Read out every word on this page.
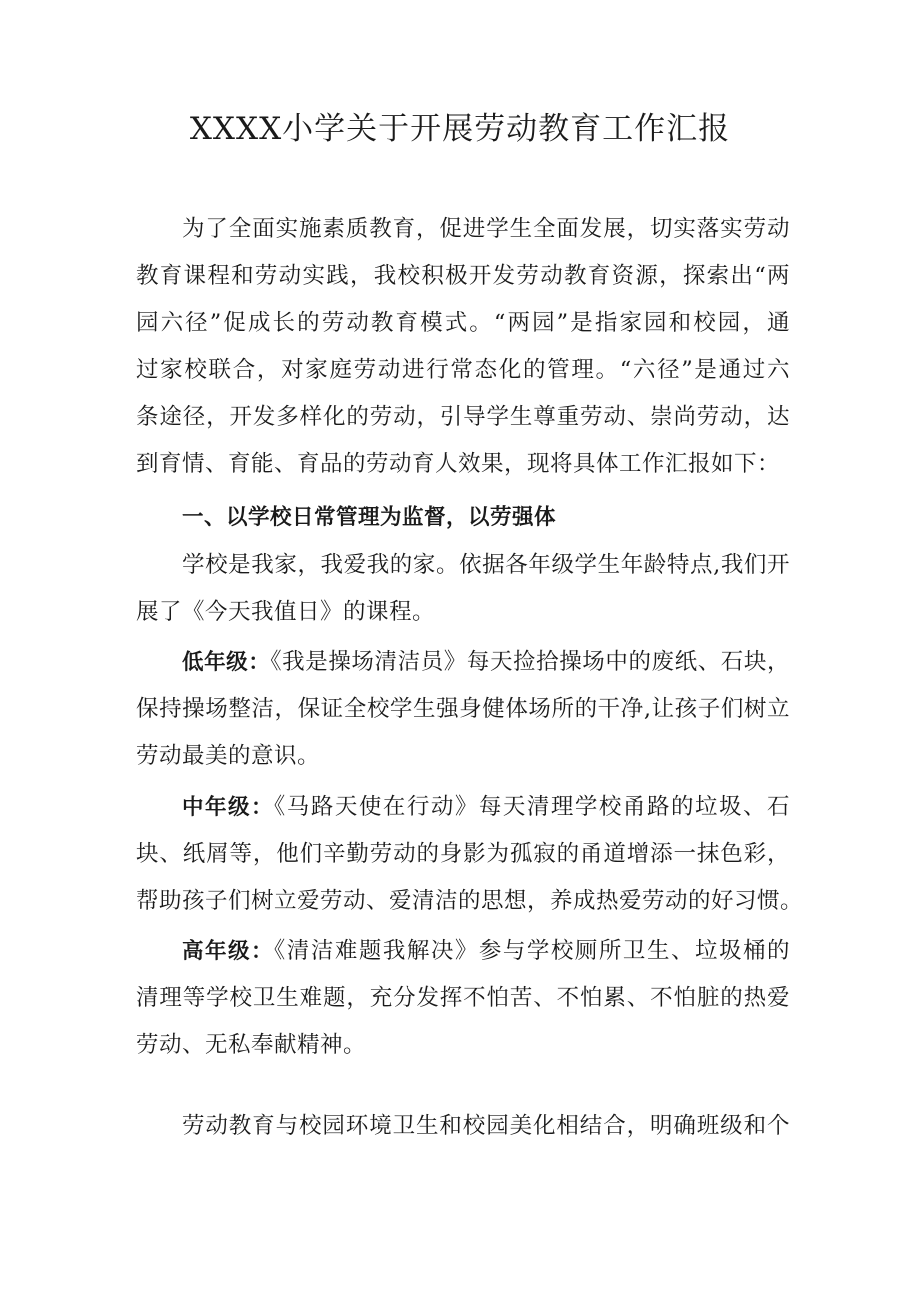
XXXX小学关于开展劳动教育工作汇报
为了全面实施素质教育，促进学生全面发展，切实落实劳动
教育课程和劳动实践，我校积极开发劳动教育资源，探索出“两
园六径”促成长的劳动教育模式。“两园”是指家园和校园，通
过家校联合，对家庭劳动进行常态化的管理。“六径”是通过六
条途径，开发多样化的劳动，引导学生尊重劳动、崇尚劳动，达
到育情、育能、育品的劳动育人效果，现将具体工作汇报如下：
一、以学校日常管理为监督，以劳强体
学校是我家，我爱我的家。依据各年级学生年龄特点,我们开
展了《今天我值日》的课程。
低年级：《我是操场清洁员》每天捡拾操场中的废纸、石块，
保持操场整洁，保证全校学生强身健体场所的干净,让孩子们树立
劳动最美的意识。
中年级：《马路天使在行动》每天清理学校甬路的垃圾、石
块、纸屑等，他们辛勤劳动的身影为孤寂的甬道增添一抹色彩，
帮助孩子们树立爱劳动、爱清洁的思想，养成热爱劳动的好习惯。
高年级：《清洁难题我解决》参与学校厕所卫生、垃圾桶的
清理等学校卫生难题，充分发挥不怕苦、不怕累、不怕脏的热爱
劳动、无私奉献精神。
劳动教育与校园环境卫生和校园美化相结合，明确班级和个
